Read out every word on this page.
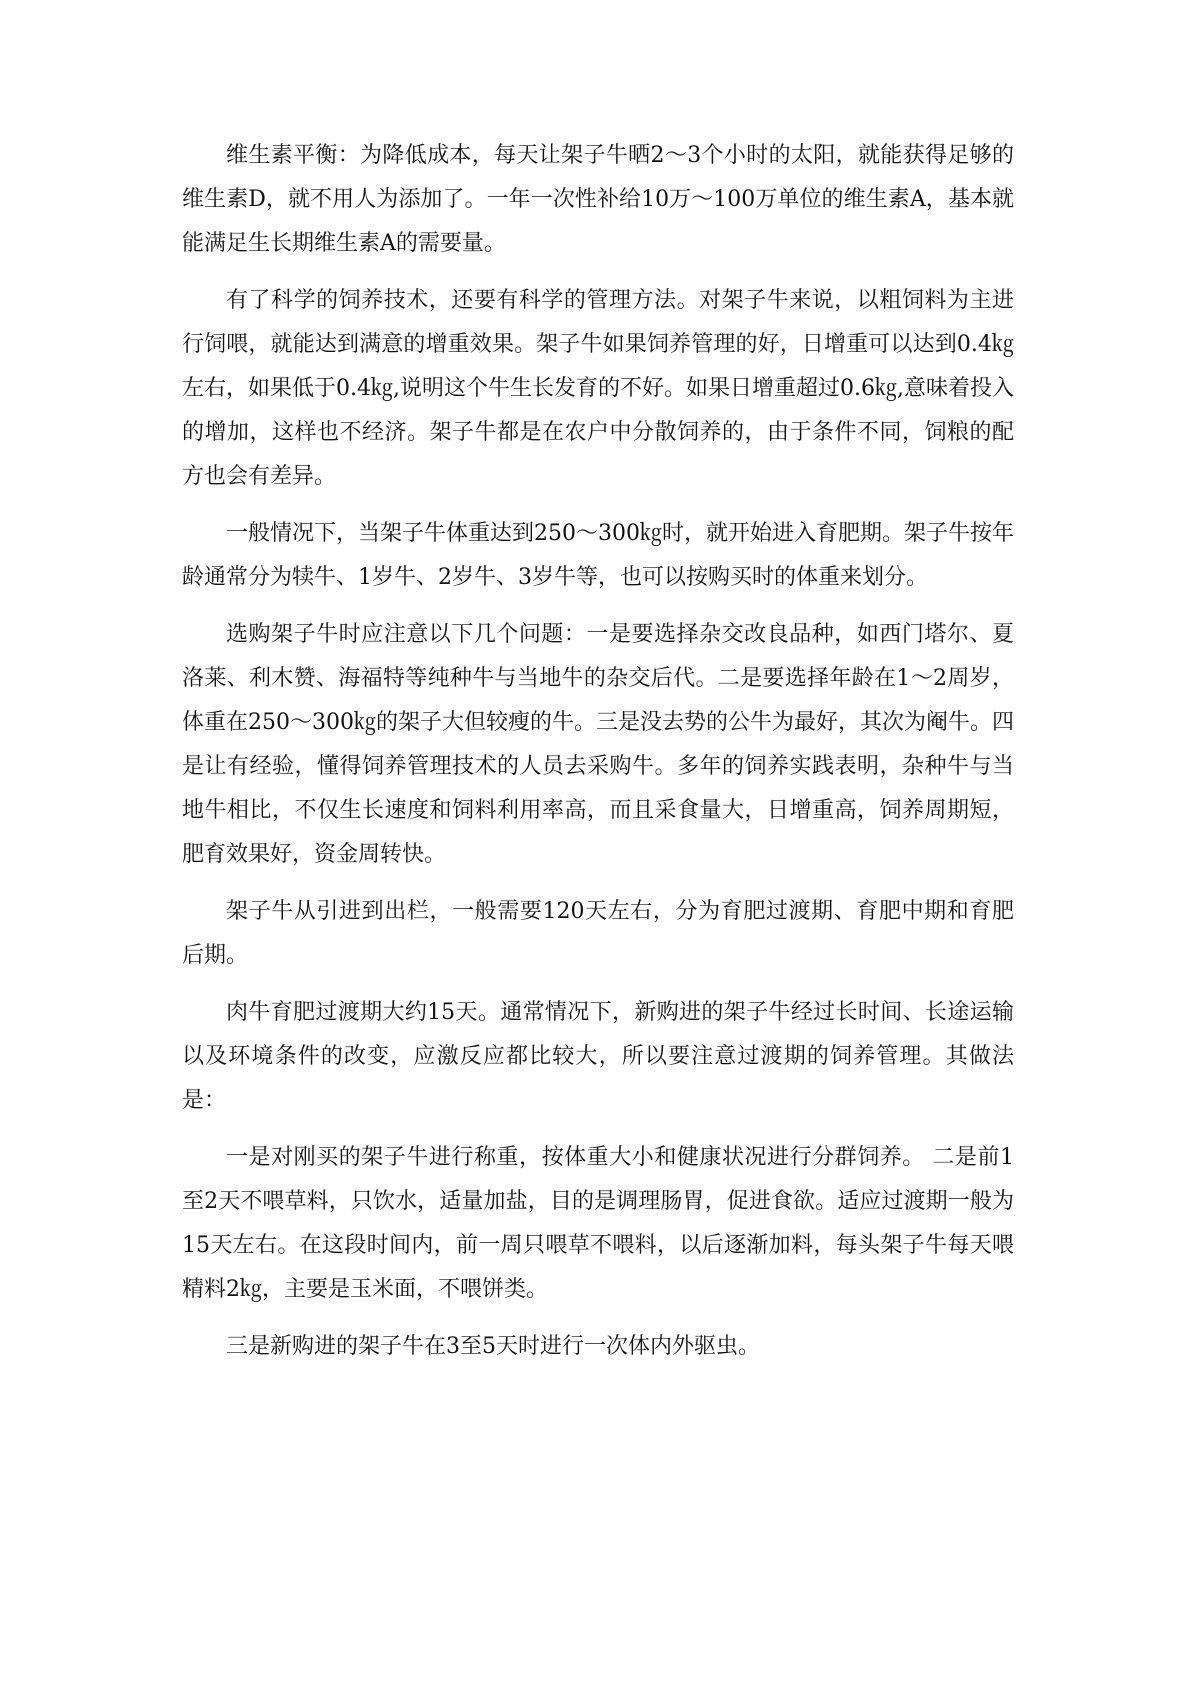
维生素平衡：为降低成本，每天让架子牛晒2～3个小时的太阳，就能获得足够的维生素D，就不用人为添加了。一年一次性补给10万～100万单位的维生素A，基本就能满足生长期维生素A的需要量。

有了科学的饲养技术，还要有科学的管理方法。对架子牛来说，以粗饲料为主进行饲喂，就能达到满意的增重效果。架子牛如果饲养管理的好，日增重可以达到0.4㎏左右，如果低于0.4㎏,说明这个牛生长发育的不好。如果日增重超过0.6㎏,意味着投入的增加，这样也不经济。架子牛都是在农户中分散饲养的，由于条件不同，饲粮的配方也会有差异。

一般情况下，当架子牛体重达到250～300㎏时，就开始进入育肥期。架子牛按年龄通常分为犊牛、1岁牛、2岁牛、3岁牛等，也可以按购买时的体重来划分。

选购架子牛时应注意以下几个问题：一是要选择杂交改良品种，如西门塔尔、夏洛莱、利木赞、海福特等纯种牛与当地牛的杂交后代。二是要选择年龄在1～2周岁，体重在250～300㎏的架子大但较瘦的牛。三是没去势的公牛为最好，其次为阉牛。四是让有经验，懂得饲养管理技术的人员去采购牛。多年的饲养实践表明，杂种牛与当地牛相比，不仅生长速度和饲料利用率高，而且采食量大，日增重高，饲养周期短，肥育效果好，资金周转快。

架子牛从引进到出栏，一般需要120天左右，分为育肥过渡期、育肥中期和育肥后期。

肉牛育肥过渡期大约15天。通常情况下，新购进的架子牛经过长时间、长途运输以及环境条件的改变，应激反应都比较大，所以要注意过渡期的饲养管理。其做法是：

一是对刚买的架子牛进行称重，按体重大小和健康状况进行分群饲养。 二是前1至2天不喂草料，只饮水，适量加盐，目的是调理肠胃，促进食欲。适应过渡期一般为15天左右。在这段时间内，前一周只喂草不喂料，以后逐渐加料，每头架子牛每天喂精料2㎏，主要是玉米面，不喂饼类。

三是新购进的架子牛在3至5天时进行一次体内外驱虫。
